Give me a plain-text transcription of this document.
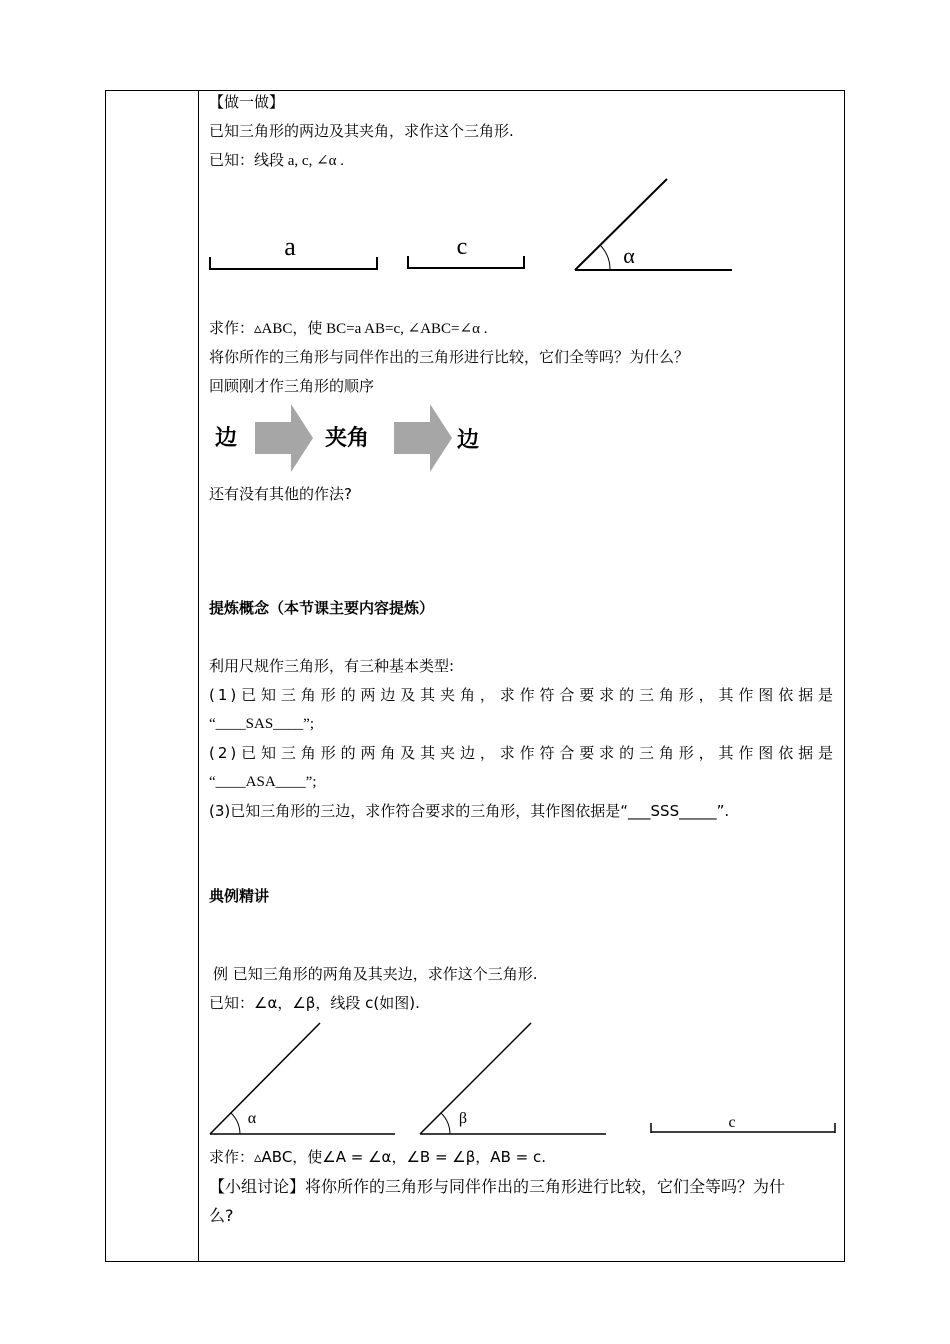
【做一做】
已知三角形的两边及其夹角，求作这个三角形.
已知：线段 a, c, ∠α .
a	c	α
求作：▵ABC，使 BC=a AB=c, ∠ABC=∠α .
将你所作的三角形与同伴作出的三角形进行比较，它们全等吗？为什么？
回顾刚才作三角形的顺序
边	夹角	边
还有没有其他的作法?
提炼概念（本节课主要内容提炼）
利用尺规作三角形，有三种基本类型:
(1)已知三角形的两边及其夹角，求作符合要求的三角形，其作图依据是
“____SAS____”;
(2)已知三角形的两角及其夹边，求作符合要求的三角形，其作图依据是
“____ASA____”;
(3)已知三角形的三边，求作符合要求的三角形，其作图依据是“___SSS_____”.
典例精讲
例 已知三角形的两角及其夹边，求作这个三角形.
已知：∠α，∠β，线段 c(如图).
α	β	c
求作：▵ABC，使∠A = ∠α，∠B = ∠β，AB = c.
【小组讨论】将你所作的三角形与同伴作出的三角形进行比较，它们全等吗？为什
么?
